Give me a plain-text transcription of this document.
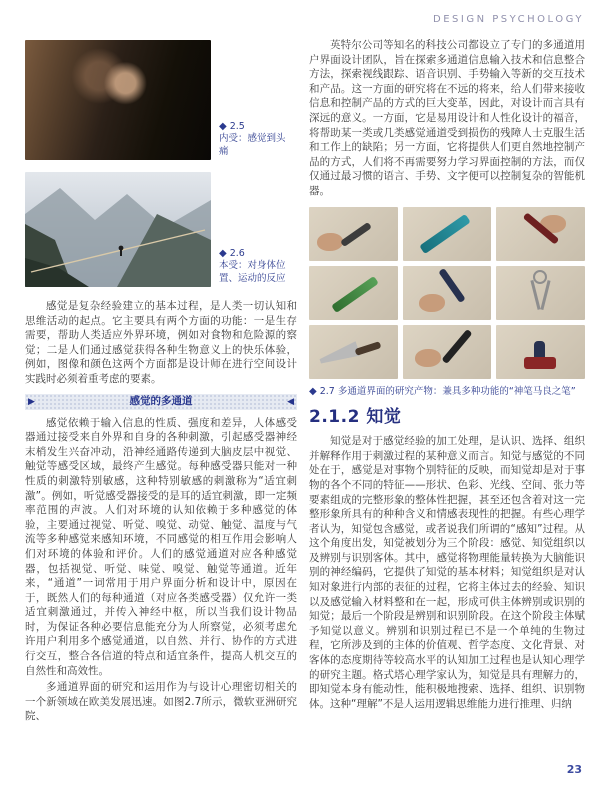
DESIGN PSYCHOLOGY
◆ 2.5
内受：感觉到头痛
◆ 2.6
本受：对身体位置、运动的反应

感觉是复杂经验建立的基本过程，是人类一切认知和思维活动的起点。它主要具有两个方面的功能：一是生存需要，帮助人类适应外界环境，例如对食物和危险源的察觉；二是人们通过感觉获得各种生物意义上的快乐体验，例如，图像和颜色这两个方面都是设计师在进行空间设计实践时必须着重考虑的要素。

▶	感觉的多通道	◀

感觉依赖于输入信息的性质、强度和差异，人体感受器通过接受来自外界和自身的各种刺激，引起感受器神经末梢发生兴奋冲动，沿神经通路传递到大脑皮层中视觉、触觉等感受区域，最终产生感觉。每种感受器只能对一种性质的刺激特别敏感，这种特别敏感的刺激称为“适宜刺激”。例如，听觉感受器接受的是耳的适宜刺激，即一定频率范围的声波。人们对环境的认知依赖于多种感觉的体验，主要通过视觉、听觉、嗅觉、动觉、触觉、温度与气流等多种感觉来感知环境，不同感觉的相互作用会影响人们对环境的体验和评价。人们的感觉通道对应各种感觉器，包括视觉、听觉、味觉、嗅觉、触觉等通道。近年来，“通道”一词常用于用户界面分析和设计中，原因在于，既然人们的每种通道（对应各类感受器）仅允许一类适宜刺激通过，并传入神经中枢，所以当我们设计物品时，为保证各种必要信息能充分为人所察觉，必须考虑允许用户利用多个感觉通道，以自然、并行、协作的方式进行交互，整合各信道的特点和适宜条件，提高人机交互的自然性和高效性。

多通道界面的研究和运用作为与设计心理密切相关的一个新领域在欧美发展迅速。如图2.7所示，微软亚洲研究院、

英特尔公司等知名的科技公司都设立了专门的多通道用户界面设计团队，旨在探索多通道信息输入技术和信息整合方法，探索视线跟踪、语音识别、手势输入等新的交互技术和产品。这一方面的研究将在不远的将来，给人们带来接收信息和控制产品的方式的巨大变革，因此，对设计而言具有深远的意义。一方面，它是易用设计和人性化设计的福音，将帮助某一类或几类感觉通道受到损伤的残障人士克服生活和工作上的缺陷；另一方面，它将提供人们更自然地控制产品的方式，人们将不再需要努力学习界面控制的方法，而仅仅通过最习惯的语言、手势、文字便可以控制复杂的智能机器。

◆ 2.7 多通道界面的研究产物：兼具多种功能的“神笔马良之笔”
2.1.2 知觉

知觉是对于感觉经验的加工处理，是认识、选择、组织并解释作用于刺激过程的某种意义而言。知觉与感觉的不同处在于，感觉是对事物个别特征的反映，而知觉却是对于事物的各个不同的特征——形状、色彩、光线、空间、张力等要素组成的完整形象的整体性把握，甚至还包含着对这一完整形象所具有的种种含义和情感表现性的把握。有些心理学者认为，知觉包含感觉，或者说我们所谓的“感知”过程。从这个角度出发，知觉被划分为三个阶段：感觉、知觉组织以及辨别与识别客体。其中，感觉将物理能量转换为大脑能识别的神经编码，它提供了知觉的基本材料；知觉组织是对认知对象进行内部的表征的过程，它将主体过去的经验、知识以及感觉输入材料整和在一起，形成可供主体辨别或识别的知觉；最后一个阶段是辨别和识别阶段。在这个阶段主体赋予知觉以意义。辨别和识别过程已不是一个单纯的生物过程，它所涉及到的主体的价值观、哲学态度、文化背景、对客体的态度期待等较高水平的认知加工过程也是认知心理学的研究主题。格式塔心理学家认为，知觉是具有理解力的，即知觉本身有能动性，能积极地搜索、选择、组织、识别物体。这种“理解”不是人运用逻辑思维能力进行推理、归纳

23
